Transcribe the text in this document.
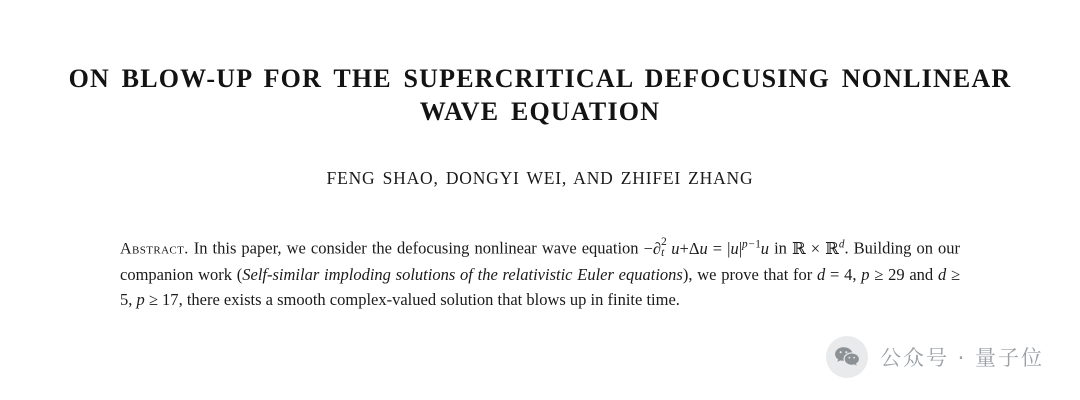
ON BLOW-UP FOR THE SUPERCRITICAL DEFOCUSING NONLINEAR WAVE EQUATION
FENG SHAO, DONGYI WEI, AND ZHIFEI ZHANG
Abstract. In this paper, we consider the defocusing nonlinear wave equation −∂ 2
t $u+\Delta u = |u|^{p-1}u$ in ℝ × ℝ$^d$. Building on our companion work (Self-similar imploding solutions of the relativistic Euler equations), we prove that for d = 4, p ≥ 29 and d ≥ 5, p ≥ 17, there exists a smooth complex-valued solution that blows up in finite time.
公众号 · 量子位
